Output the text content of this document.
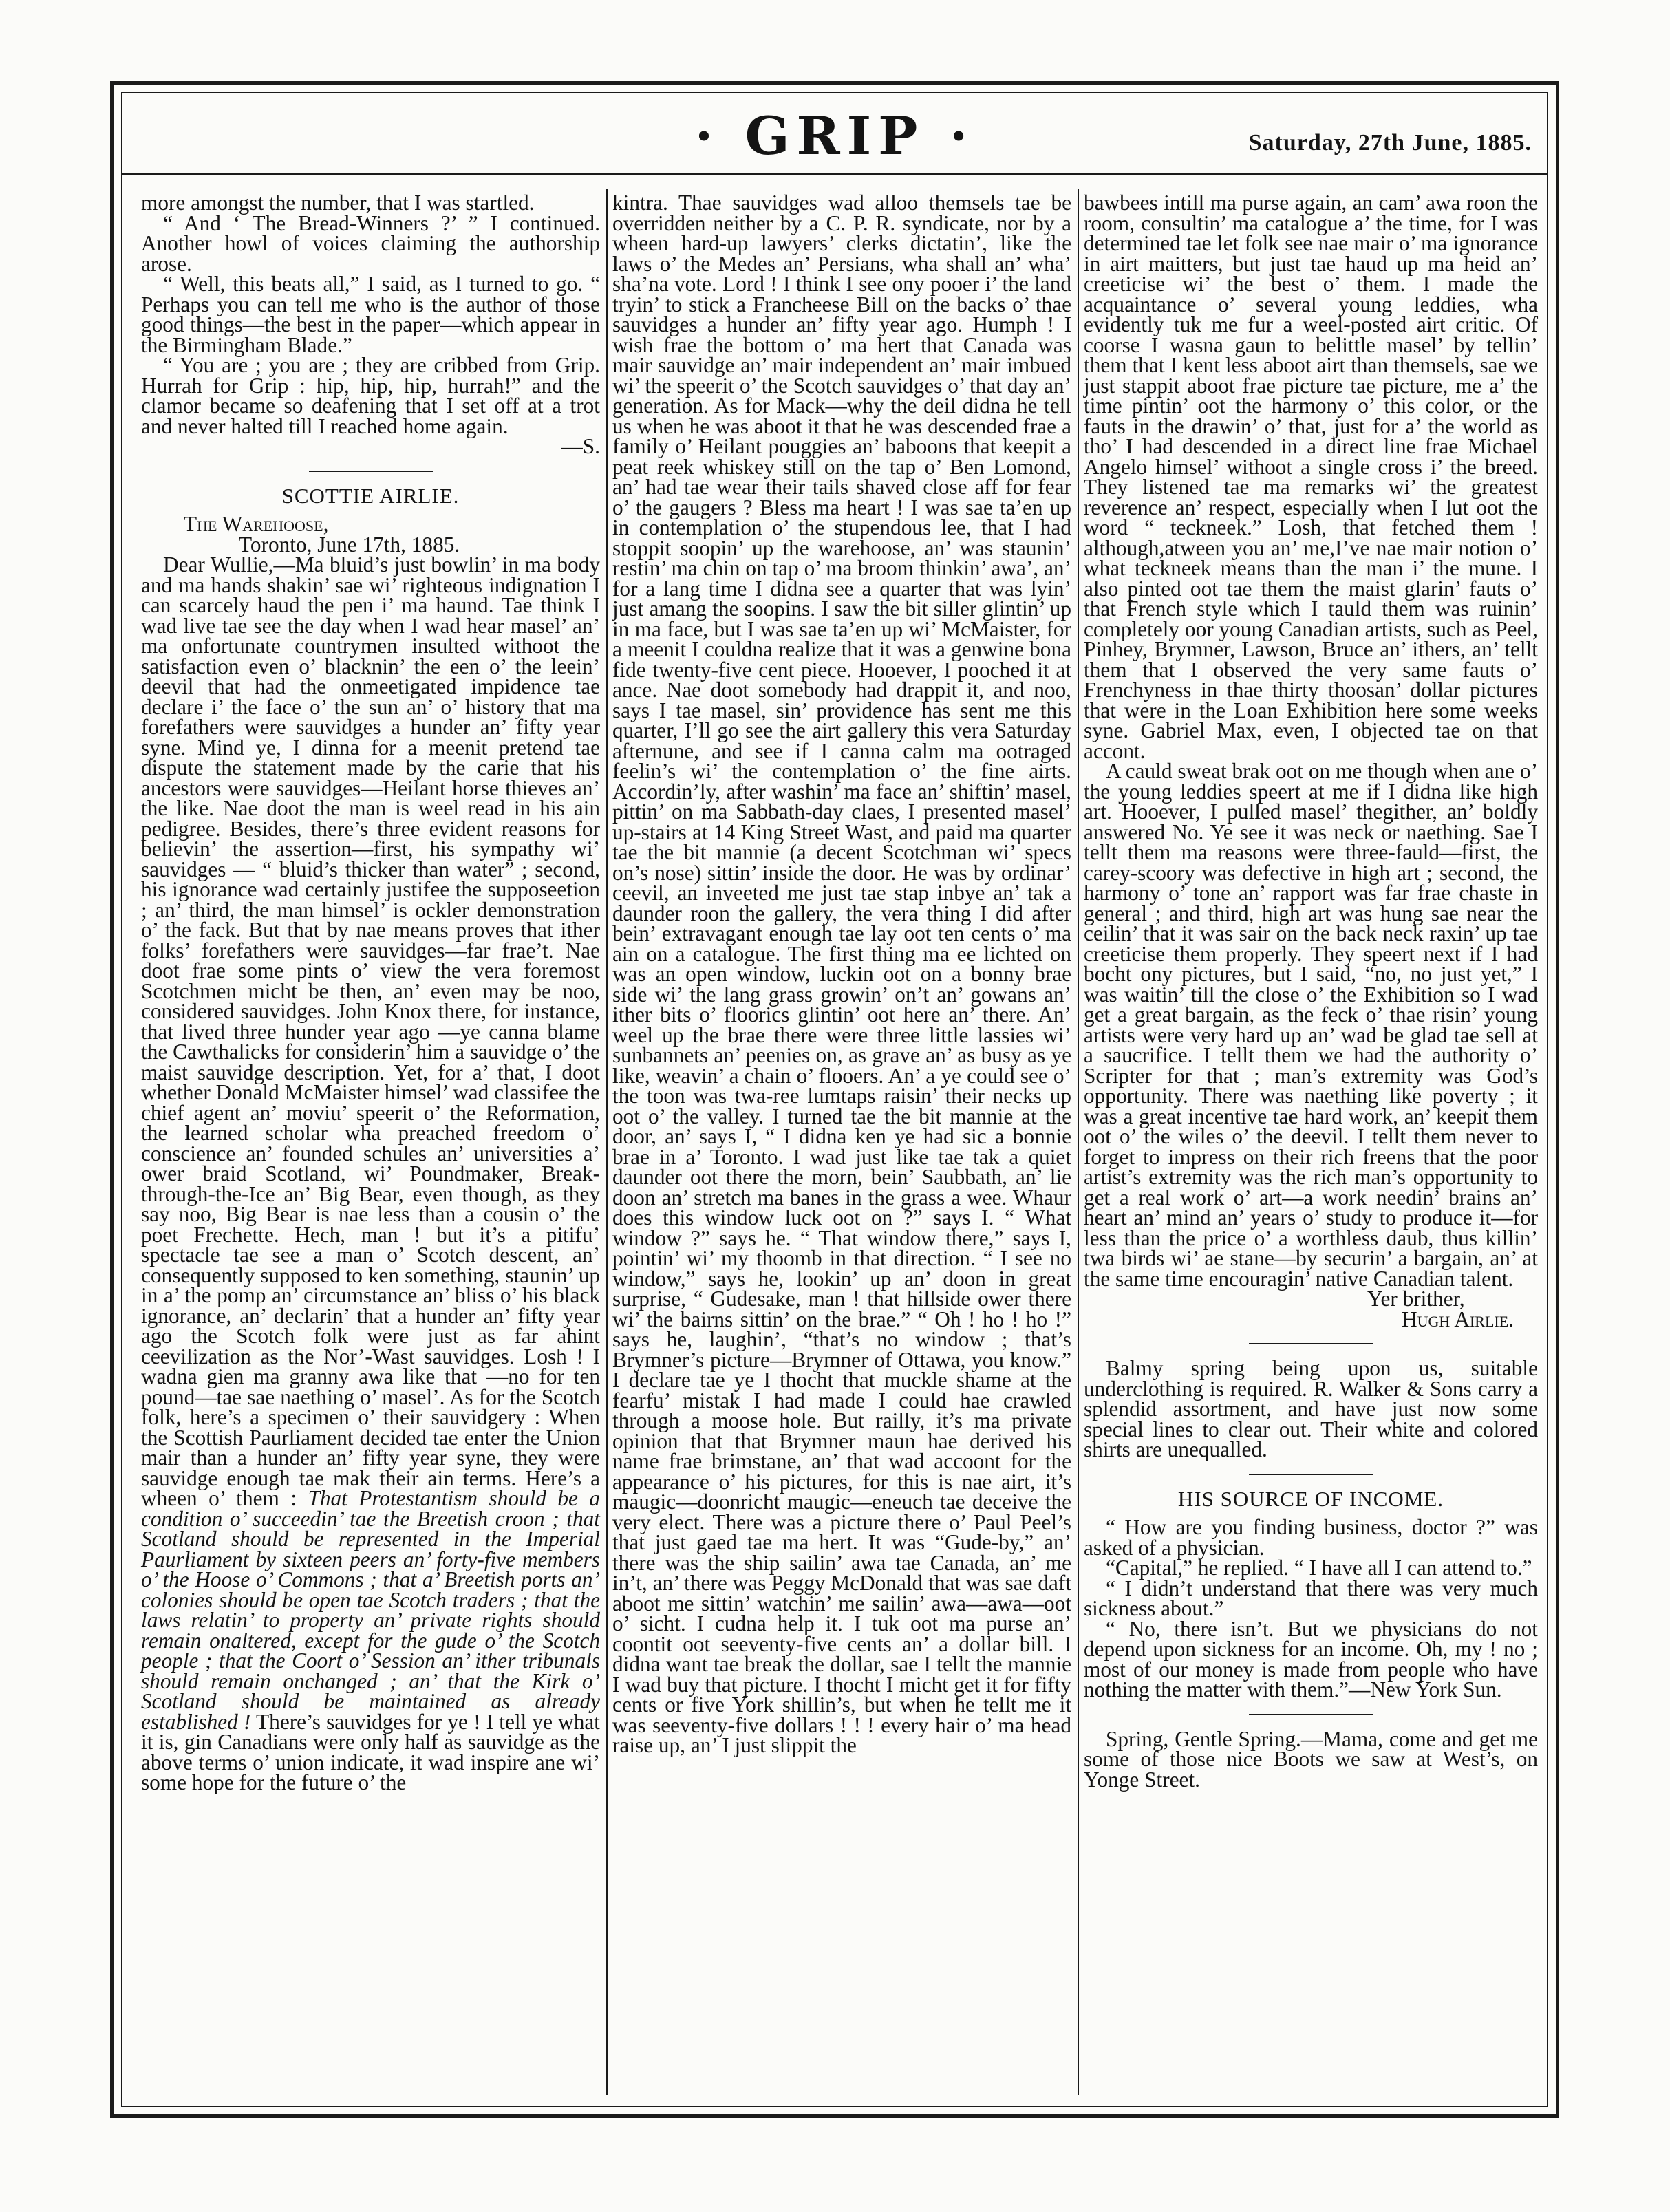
· GRIP ·	Saturday, 27th June, 1885.

more amongst the number, that I was startled.

“ And ‘ The Bread-Winners ?’ ” I continued. Another howl of voices claiming the authorship arose.

“ Well, this beats all,” I said, as I turned to go. “ Perhaps you can tell me who is the author of those good things—the best in the paper—which appear in the Birmingham Blade.”

“ You are ; you are ; they are cribbed from Grip. Hurrah for Grip : hip, hip, hip, hurrah!” and the clamor became so deafening that I set off at a trot and never halted till I reached home again.

—S.

SCOTTIE AIRLIE.

The Warehoose,

Toronto, June 17th, 1885.

Dear Wullie,—Ma bluid’s just bowlin’ in ma body and ma hands shakin’ sae wi’ righteous indignation I can scarcely haud the pen i’ ma haund. Tae think I wad live tae see the day when I wad hear masel’ an’ ma onfortunate countrymen insulted withoot the satisfaction even o’ blacknin’ the een o’ the leein’ deevil that had the onmeetigated impidence tae declare i’ the face o’ the sun an’ o’ history that ma forefathers were sauvidges a hunder an’ fifty year syne. Mind ye, I dinna for a meenit pretend tae dispute the statement made by the carie that his ancestors were sauvidges—Heilant horse thieves an’ the like. Nae doot the man is weel read in his ain pedigree. Besides, there’s three evident reasons for believin’ the assertion—first, his sympathy wi’ sauvidges — “ bluid’s thicker than water” ; second, his ignorance wad certainly justifee the supposeetion ; an’ third, the man himsel’ is ockler demonstration o’ the fack. But that by nae means proves that ither folks’ forefathers were sauvidges—far frae’t. Nae doot frae some pints o’ view the vera foremost Scotchmen micht be then, an’ even may be noo, considered sauvidges. John Knox there, for instance, that lived three hunder year ago —ye canna blame the Cawthalicks for considerin’ him a sauvidge o’ the maist sauvidge description. Yet, for a’ that, I doot whether Donald McMaister himsel’ wad classifee the chief agent an’ moviu’ speerit o’ the Reformation, the learned scholar wha preached freedom o’ conscience an’ founded schules an’ universities a’ ower braid Scotland, wi’ Poundmaker, Break-through-the-Ice an’ Big Bear, even though, as they say noo, Big Bear is nae less than a cousin o’ the poet Frechette. Hech, man ! but it’s a pitifu’ spectacle tae see a man o’ Scotch descent, an’ consequently supposed to ken something, staunin’ up in a’ the pomp an’ circumstance an’ bliss o’ his black ignorance, an’ declarin’ that a hunder an’ fifty year ago the Scotch folk were just as far ahint ceevilization as the Nor’-Wast sauvidges. Losh ! I wadna gien ma granny awa like that —no for ten pound—tae sae naething o’ masel’. As for the Scotch folk, here’s a specimen o’ their sauvidgery : When the Scottish Paurliament decided tae enter the Union mair than a hunder an’ fifty year syne, they were sauvidge enough tae mak their ain terms. Here’s a wheen o’ them : That Protestantism should be a condition o’ succeedin’ tae the Breetish croon ; that Scotland should be represented in the Imperial Paurliament by sixteen peers an’ forty-five members o’ the Hoose o’ Commons ; that a’ Breetish ports an’ colonies should be open tae Scotch traders ; that the laws relatin’ to property an’ private rights should remain onaltered, except for the gude o’ the Scotch people ; that the Coort o’ Session an’ ither tribunals should remain onchanged ; an’ that the Kirk o’ Scotland should be maintained as already established ! There’s sauvidges for ye ! I tell ye what it is, gin Canadians were only half as sauvidge as the above terms o’ union indicate, it wad inspire ane wi’ some hope for the future o’ the

kintra. Thae sauvidges wad alloo themsels tae be overridden neither by a C. P. R. syndicate, nor by a wheen hard-up lawyers’ clerks dictatin’, like the laws o’ the Medes an’ Persians, wha shall an’ wha’ sha’na vote. Lord ! I think I see ony pooer i’ the land tryin’ to stick a Francheese Bill on the backs o’ thae sauvidges a hunder an’ fifty year ago. Humph ! I wish frae the bottom o’ ma hert that Canada was mair sauvidge an’ mair independent an’ mair imbued wi’ the speerit o’ the Scotch sauvidges o’ that day an’ generation. As for Mack—why the deil didna he tell us when he was aboot it that he was descended frae a family o’ Heilant pouggies an’ baboons that keepit a peat reek whiskey still on the tap o’ Ben Lomond, an’ had tae wear their tails shaved close aff for fear o’ the gaugers ? Bless ma heart ! I was sae ta’en up in contemplation o’ the stupendous lee, that I had stoppit soopin’ up the warehoose, an’ was staunin’ restin’ ma chin on tap o’ ma broom thinkin’ awa’, an’ for a lang time I didna see a quarter that was lyin’ just amang the soopins. I saw the bit siller glintin’ up in ma face, but I was sae ta’en up wi’ McMaister, for a meenit I couldna realize that it was a genwine bona fide twenty-five cent piece. Hooever, I pooched it at ance. Nae doot somebody had drappit it, and noo, says I tae masel, sin’ providence has sent me this quarter, I’ll go see the airt gallery this vera Saturday afternune, and see if I canna calm ma ootraged feelin’s wi’ the contemplation o’ the fine airts. Accordin’ly, after washin’ ma face an’ shiftin’ masel, pittin’ on ma Sabbath-day claes, I presented masel’ up-stairs at 14 King Street Wast, and paid ma quarter tae the bit mannie (a decent Scotchman wi’ specs on’s nose) sittin’ inside the door. He was by ordinar’ ceevil, an inveeted me just tae stap inbye an’ tak a daunder roon the gallery, the vera thing I did after bein’ extravagant enough tae lay oot ten cents o’ ma ain on a catalogue. The first thing ma ee lichted on was an open window, luckin oot on a bonny brae side wi’ the lang grass growin’ on’t an’ gowans an’ ither bits o’ floorics glintin’ oot here an’ there. An’ weel up the brae there were three little lassies wi’ sunbannets an’ peenies on, as grave an’ as busy as ye like, weavin’ a chain o’ flooers. An’ a ye could see o’ the toon was twa-ree lumtaps raisin’ their necks up oot o’ the valley. I turned tae the bit mannie at the door, an’ says I, “ I didna ken ye had sic a bonnie brae in a’ Toronto. I wad just like tae tak a quiet daunder oot there the morn, bein’ Saubbath, an’ lie doon an’ stretch ma banes in the grass a wee. Whaur does this window luck oot on ?” says I. “ What window ?” says he. “ That window there,” says I, pointin’ wi’ my thoomb in that direction. “ I see no window,” says he, lookin’ up an’ doon in great surprise, “ Gudesake, man ! that hillside ower there wi’ the bairns sittin’ on the brae.” “ Oh ! ho ! ho !” says he, laughin’, “that’s no window ; that’s Brymner’s picture—Brymner of Ottawa, you know.” I declare tae ye I thocht that muckle shame at the fearfu’ mistak I had made I could hae crawled through a moose hole. But railly, it’s ma private opinion that that Brymner maun hae derived his name frae brimstane, an’ that wad accoont for the appearance o’ his pictures, for this is nae airt, it’s maugic—doonricht maugic—eneuch tae deceive the very elect. There was a picture there o’ Paul Peel’s that just gaed tae ma hert. It was “Gude-by,” an’ there was the ship sailin’ awa tae Canada, an’ me in’t, an’ there was Peggy McDonald that was sae daft aboot me sittin’ watchin’ me sailin’ awa—awa—oot o’ sicht. I cudna help it. I tuk oot ma purse an’ coontit oot seeventy-five cents an’ a dollar bill. I didna want tae break the dollar, sae I tellt the mannie I wad buy that picture. I thocht I micht get it for fifty cents or five York shillin’s, but when he tellt me it was seeventy-five dollars ! ! ! every hair o’ ma head raise up, an’ I just slippit the

bawbees intill ma purse again, an cam’ awa roon the room, consultin’ ma catalogue a’ the time, for I was determined tae let folk see nae mair o’ ma ignorance in airt maitters, but just tae haud up ma heid an’ creeticise wi’ the best o’ them. I made the acquaintance o’ several young leddies, wha evidently tuk me fur a weel-posted airt critic. Of coorse I wasna gaun to belittle masel’ by tellin’ them that I kent less aboot airt than themsels, sae we just stappit aboot frae picture tae picture, me a’ the time pintin’ oot the harmony o’ this color, or the fauts in the drawin’ o’ that, just for a’ the world as tho’ I had descended in a direct line frae Michael Angelo himsel’ withoot a single cross i’ the breed. They listened tae ma remarks wi’ the greatest reverence an’ respect, especially when I lut oot the word “ teckneek.” Losh, that fetched them ! although,atween you an’ me,I’ve nae mair notion o’ what teckneek means than the man i’ the mune. I also pinted oot tae them the maist glarin’ fauts o’ that French style which I tauld them was ruinin’ completely oor young Canadian artists, such as Peel, Pinhey, Brymner, Lawson, Bruce an’ ithers, an’ tellt them that I observed the very same fauts o’ Frenchyness in thae thirty thoosan’ dollar pictures that were in the Loan Exhibition here some weeks syne. Gabriel Max, even, I objected tae on that accont.

A cauld sweat brak oot on me though when ane o’ the young leddies speert at me if I didna like high art. Hooever, I pulled masel’ thegither, an’ boldly answered No. Ye see it was neck or naething. Sae I tellt them ma reasons were three-fauld—first, the carey-scoory was defective in high art ; second, the harmony o’ tone an’ rapport was far frae chaste in general ; and third, high art was hung sae near the ceilin’ that it was sair on the back neck raxin’ up tae creeticise them properly. They speert next if I had bocht ony pictures, but I said, “no, no just yet,” I was waitin’ till the close o’ the Exhibition so I wad get a great bargain, as the feck o’ thae risin’ young artists were very hard up an’ wad be glad tae sell at a saucrifice. I tellt them we had the authority o’ Scripter for that ; man’s extremity was God’s opportunity. There was naething like poverty ; it was a great incentive tae hard work, an’ keepit them oot o’ the wiles o’ the deevil. I tellt them never to forget to impress on their rich freens that the poor artist’s extremity was the rich man’s opportunity to get a real work o’ art—a work needin’ brains an’ heart an’ mind an’ years o’ study to produce it—for less than the price o’ a worthless daub, thus killin’ twa birds wi’ ae stane—by securin’ a bargain, an’ at the same time encouragin’ native Canadian talent.

Yer brither,

Hugh Airlie.

Balmy spring being upon us, suitable underclothing is required. R. Walker & Sons carry a splendid assortment, and have just now some special lines to clear out. Their white and colored shirts are unequalled.

HIS SOURCE OF INCOME.

“ How are you finding business, doctor ?” was asked of a physician.

“Capital,” he replied. “ I have all I can attend to.”

“ I didn’t understand that there was very much sickness about.”

“ No, there isn’t. But we physicians do not depend upon sickness for an income. Oh, my ! no ; most of our money is made from people who have nothing the matter with them.”—New York Sun.

Spring, Gentle Spring.—Mama, come and get me some of those nice Boots we saw at West’s, on Yonge Street.
